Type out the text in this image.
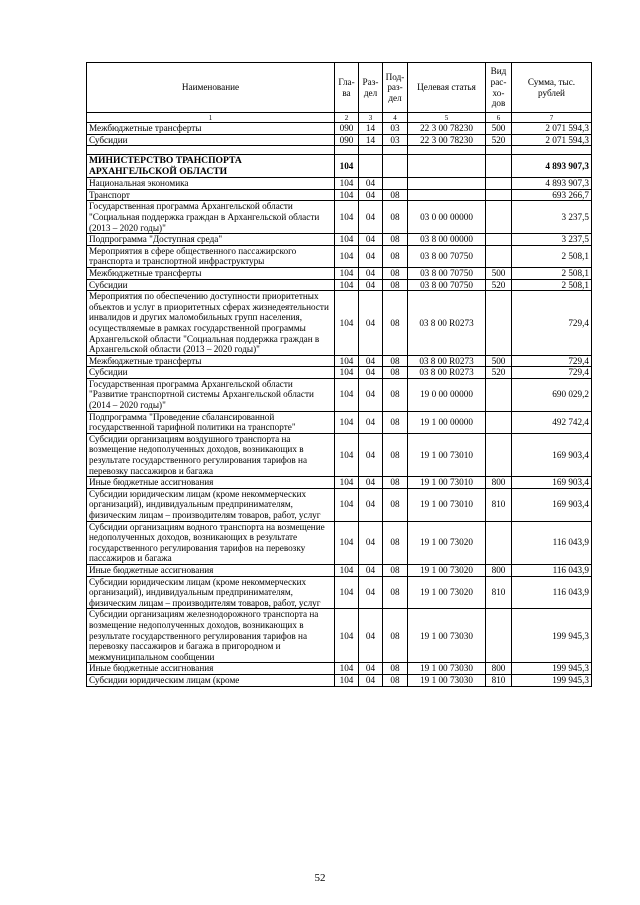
Наименование	Гла- ва	Раз- дел	Под- раз- дел	Целевая статья	Вид рас- хо- дов	Сумма, тыс. рублей
1	2	3	4	5	6	7
Межбюджетные трансферты	090	14	03	22 3 00 78230	500	2 071 594,3
Субсидии	090	14	03	22 3 00 78230	520	2 071 594,3

МИНИСТЕРСТВО ТРАНСПОРТА АРХАНГЕЛЬСКОЙ ОБЛАСТИ	104					4 893 907,3
Национальная экономика	104	04				4 893 907,3
Транспорт	104	04	08			693 266,7
Государственная программа Архангельской области "Социальная поддержка граждан в Архангельской области (2013 – 2020 годы)"	104	04	08	03 0 00 00000		3 237,5
Подпрограмма "Доступная среда"	104	04	08	03 8 00 00000		3 237,5
Мероприятия в сфере общественного пассажирского транспорта и транспортной инфраструктуры	104	04	08	03 8 00 70750		2 508,1
Межбюджетные трансферты	104	04	08	03 8 00 70750	500	2 508,1
Субсидии	104	04	08	03 8 00 70750	520	2 508,1
Мероприятия по обеспечению доступности приоритетных объектов и услуг в приоритетных сферах жизнедеятельности инвалидов и других маломобильных групп населения, осуществляемые в рамках государственной программы Архангельской области "Социальная поддержка граждан в Архангельской области (2013 – 2020 годы)"	104	04	08	03 8 00 R0273		729,4
Межбюджетные трансферты	104	04	08	03 8 00 R0273	500	729,4
Субсидии	104	04	08	03 8 00 R0273	520	729,4
Государственная программа Архангельской области "Развитие транспортной системы Архангельской области (2014 – 2020 годы)"	104	04	08	19 0 00 00000		690 029,2
Подпрограмма "Проведение сбалансированной государственной тарифной политики на транспорте"	104	04	08	19 1 00 00000		492 742,4
Субсидии организациям воздушного транспорта на возмещение недополученных доходов, возникающих в результате государственного регулирования тарифов на перевозку пассажиров и багажа	104	04	08	19 1 00 73010		169 903,4
Иные бюджетные ассигнования	104	04	08	19 1 00 73010	800	169 903,4
Субсидии юридическим лицам (кроме некоммерческих организаций), индивидуальным предпринимателям, физическим лицам – производителям товаров, работ, услуг	104	04	08	19 1 00 73010	810	169 903,4
Субсидии организациям водного транспорта на возмещение недополученных доходов, возникающих в результате государственного регулирования тарифов на перевозку пассажиров и багажа	104	04	08	19 1 00 73020		116 043,9
Иные бюджетные ассигнования	104	04	08	19 1 00 73020	800	116 043,9
Субсидии юридическим лицам (кроме некоммерческих организаций), индивидуальным предпринимателям, физическим лицам – производителям товаров, работ, услуг	104	04	08	19 1 00 73020	810	116 043,9
Субсидии организациям железнодорожного транспорта на возмещение недополученных доходов, возникающих в результате государственного регулирования тарифов на перевозку пассажиров и багажа в пригородном и межмуниципальном сообщении	104	04	08	19 1 00 73030		199 945,3
Иные бюджетные ассигнования	104	04	08	19 1 00 73030	800	199 945,3
Субсидии юридическим лицам (кроме	104	04	08	19 1 00 73030	810	199 945,3
52
